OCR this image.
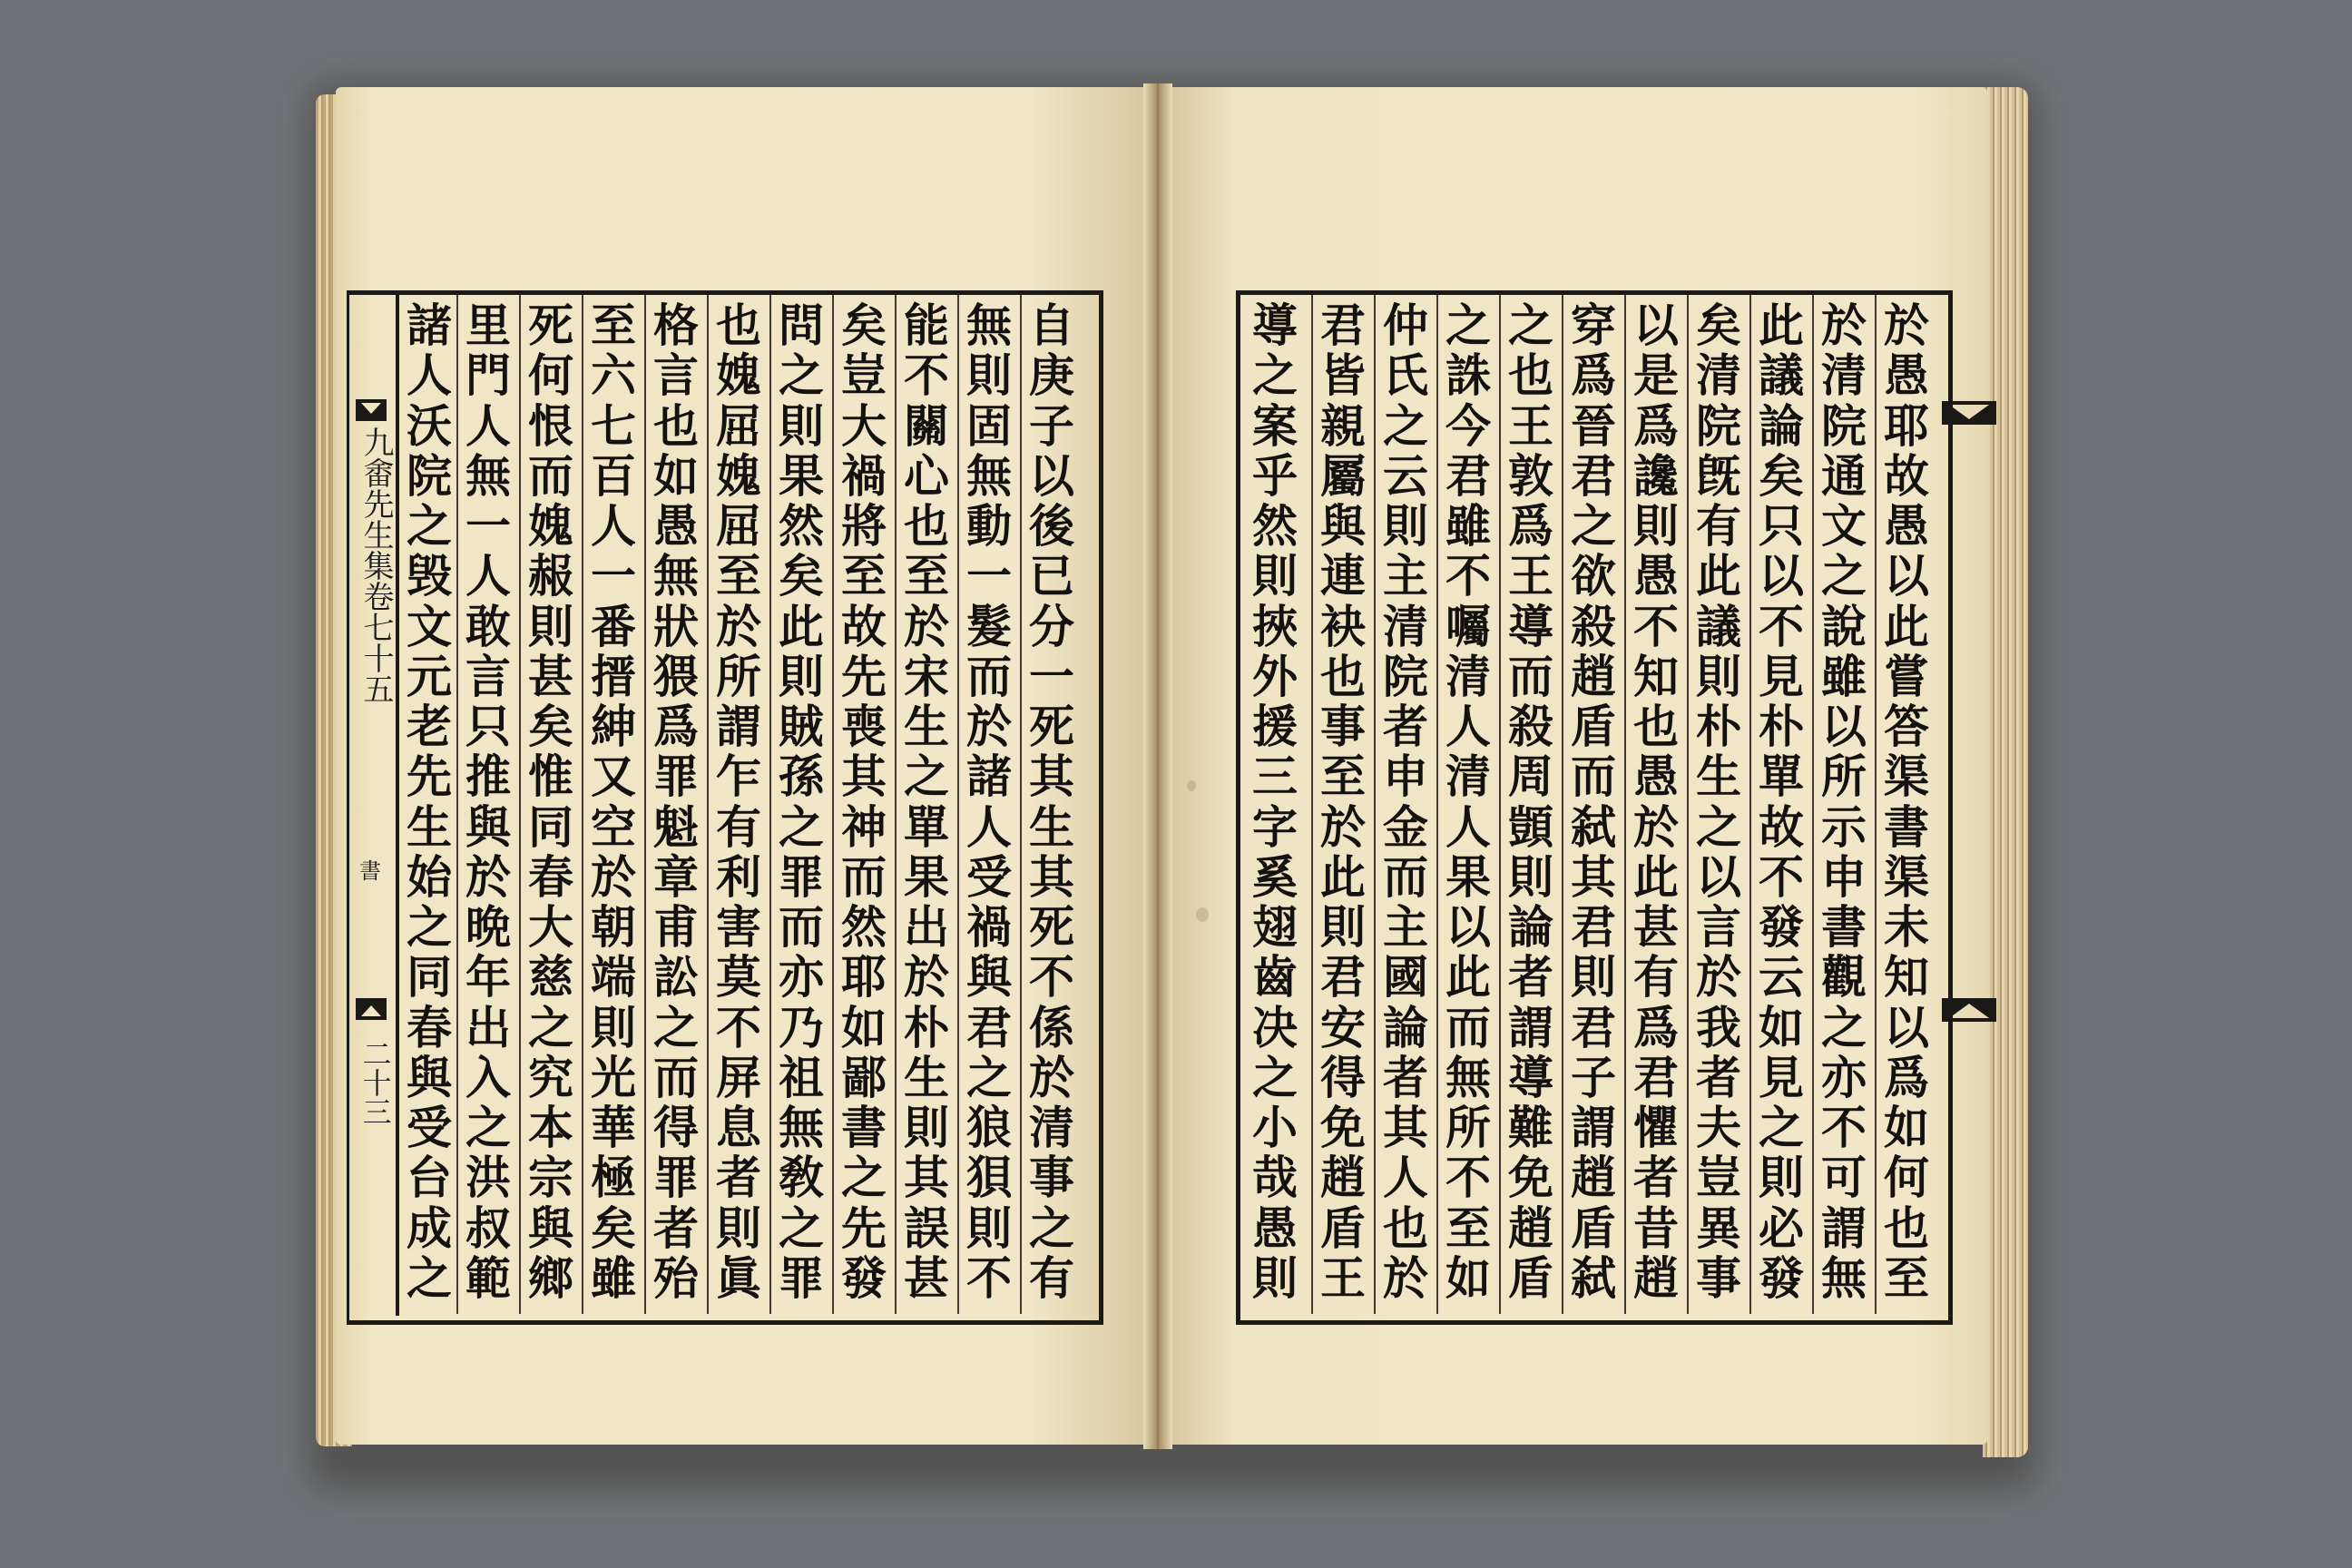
九畬先生集卷七十五
書
二十三
自
庚
子
以
後
已
分
一
死
其
生
其
死
不
係
於
清
事
之
有
無
則
固
無
動
一
髮
而
於
諸
人
受
禍
與
君
之
狼
狽
則
不
能
不
關
心
也
至
於
宋
生
之
單
果
出
於
朴
生
則
其
誤
甚
矣
豈
大
禍
將
至
故
先
喪
其
神
而
然
耶
如
鄙
書
之
先
發
問
之
則
果
然
矣
此
則
賊
孫
之
罪
而
亦
乃
祖
無
敎
之
罪
也
媿
屈
媿
屈
至
於
所
謂
乍
有
利
害
莫
不
屏
息
者
則
眞
格
言
也
如
愚
無
狀
猥
爲
罪
魁
章
甫
訟
之
而
得
罪
者
殆
至
六
七
百
人
一
番
搢
紳
又
空
於
朝
端
則
光
華
極
矣
雖
死
何
恨
而
媿
赧
則
甚
矣
惟
同
春
大
慈
之
究
本
宗
與
鄉
里
門
人
無
一
人
敢
言
只
推
與
於
晩
年
出
入
之
洪
叔
範
諸
人
沃
院
之
毁
文
元
老
先
生
始
之
同
春
與
受
台
成
之
於
愚
耶
故
愚
以
此
嘗
答
渠
書
渠
未
知
以
爲
如
何
也
至
於
清
院
通
文
之
說
雖
以
所
示
申
書
觀
之
亦
不
可
謂
無
此
議
論
矣
只
以
不
見
朴
單
故
不
發
云
如
見
之
則
必
發
矣
清
院
旣
有
此
議
則
朴
生
之
以
言
於
我
者
夫
豈
異
事
以
是
爲
讒
則
愚
不
知
也
愚
於
此
甚
有
爲
君
懼
者
昔
趙
穿
爲
晉
君
之
欲
殺
趙
盾
而
弑
其
君
則
君
子
謂
趙
盾
弑
之
也
王
敦
爲
王
導
而
殺
周
顗
則
論
者
謂
導
難
免
趙
盾
之
誅
今
君
雖
不
囑
清
人
清
人
果
以
此
而
無
所
不
至
如
仲
氏
之
云
則
主
清
院
者
申
金
而
主
國
論
者
其
人
也
於
君
皆
親
屬
與
連
袂
也
事
至
於
此
則
君
安
得
免
趙
盾
王
導
之
案
乎
然
則
挾
外
援
三
字
奚
翅
齒
决
之
小
哉
愚
則
